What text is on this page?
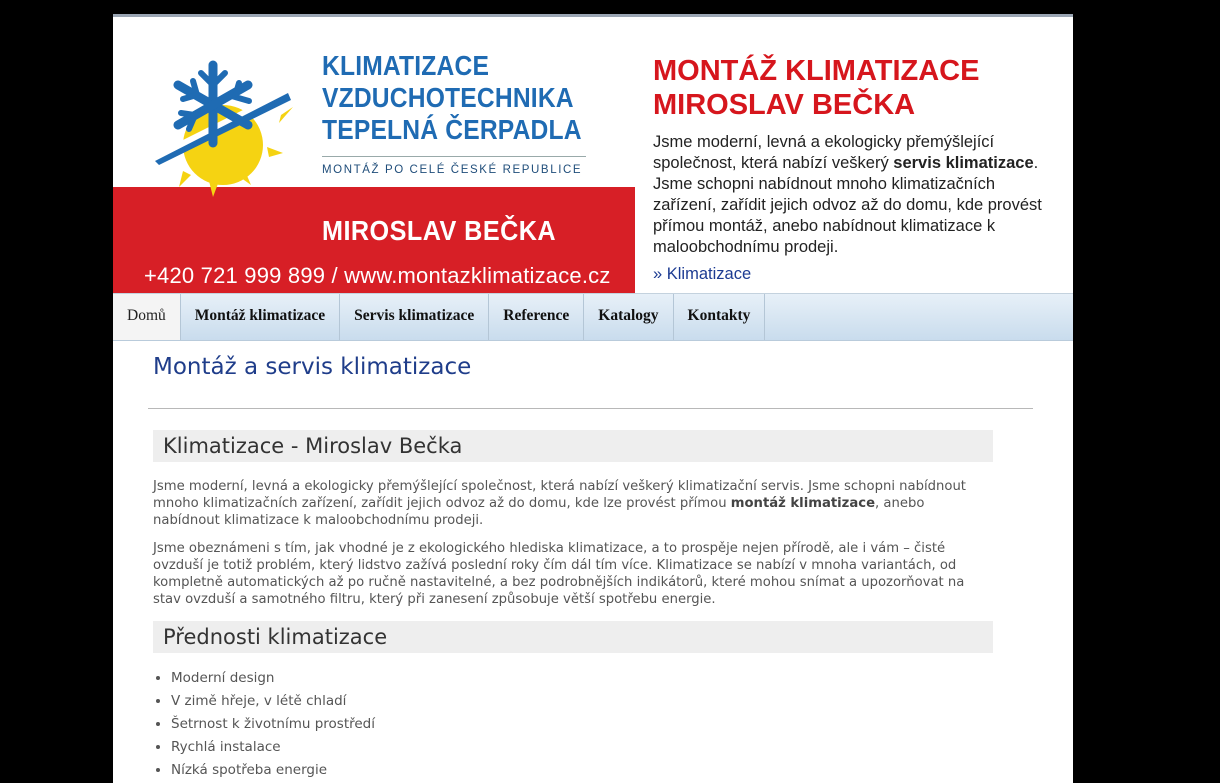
KLIMATIZACE
VZDUCHOTECHNIKA
TEPELNÁ ČERPADLA
MONTÁŽ PO CELÉ ČESKÉ REPUBLICE
MIROSLAV BEČKA
+420 721 999 899 / www.montazklimatizace.cz
MONTÁŽ KLIMATIZACE
MIROSLAV BEČKA

Jsme moderní, levná a ekologicky přemýšlející společnost, která nabízí veškerý servis klimatizace. Jsme schopni nabídnout mnoho klimatizačních zařízení, zařídit jejich odvoz až do domu, kde provést přímou montáž, anebo nabídnout klimatizace k maloobchodnímu prodeji.

» Klimatizace
Domů	Montáž klimatizace	Servis klimatizace	Reference	Katalogy	Kontakty
Montáž a servis klimatizace
Klimatizace - Miroslav Bečka

Jsme moderní, levná a ekologicky přemýšlející společnost, která nabízí veškerý klimatizační servis. Jsme schopni nabídnout mnoho klimatizačních zařízení, zařídit jejich odvoz až do domu, kde lze provést přímou montáž klimatizace, anebo nabídnout klimatizace k maloobchodnímu prodeji.

Jsme obeznámeni s tím, jak vhodné je z ekologického hlediska klimatizace, a to prospěje nejen přírodě, ale i vám – čisté ovzduší je totiž problém, který lidstvo zažívá poslední roky čím dál tím více. Klimatizace se nabízí v mnoha variantách, od kompletně automatických až po ručně nastavitelné, a bez podrobnějších indikátorů, které mohou snímat a upozorňovat na stav ovzduší a samotného filtru, který při zanesení způsobuje větší spotřebu energie.

Přednosti klimatizace
• Moderní design
• V zimě hřeje, v létě chladí
• Šetrnost k životnímu prostředí
• Rychlá instalace
• Nízká spotřeba energie
